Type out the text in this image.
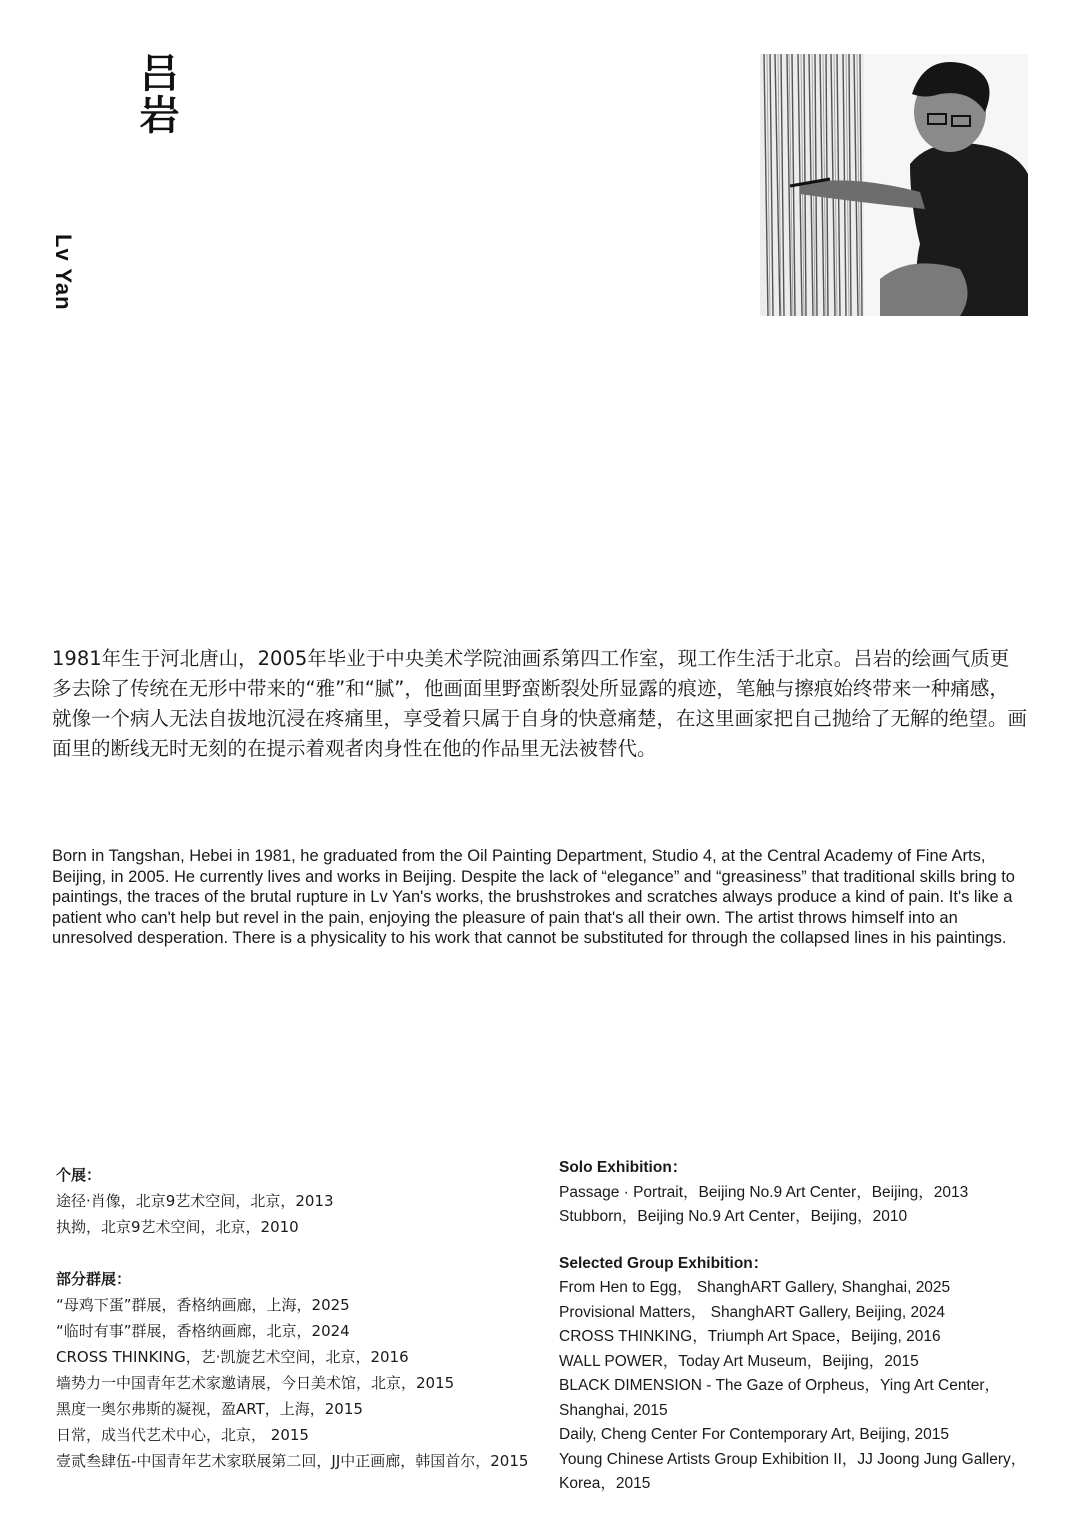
吕岩
Lv Yan

1981年生于河北唐山，2005年毕业于中央美术学院油画系第四工作室，现工作生活于北京。吕岩的绘画气质更多去除了传统在无形中带来的“雅”和“腻”，他画面里野蛮断裂处所显露的痕迹，笔触与擦痕始终带来一种痛感，就像一个病人无法自拔地沉浸在疼痛里，享受着只属于自身的快意痛楚，在这里画家把自己抛给了无解的绝望。画面里的断线无时无刻的在提示着观者肉身性在他的作品里无法被替代。

Born in Tangshan, Hebei in 1981, he graduated from the Oil Painting Department, Studio 4, at the Central Academy of Fine Arts, Beijing, in 2005. He currently lives and works in Beijing. Despite the lack of “elegance” and “greasiness” that traditional skills bring to paintings, the traces of the brutal rupture in Lv Yan's works, the brushstrokes and scratches always produce a kind of pain. It's like a patient who can't help but revel in the pain, enjoying the pleasure of pain that's all their own. The artist throws himself into an unresolved desperation. There is a physicality to his work that cannot be substituted for through the collapsed lines in his paintings.

个展：

途径·肖像，北京9艺术空间，北京，2013
执拗，北京9艺术空间，北京，2010

部分群展：

“母鸡下蛋”群展，香格纳画廊，上海，2025
“临时有事”群展，香格纳画廊，北京，2024
CROSS THINKING，艺·凯旋艺术空间，北京，2016
墙势力一中国青年艺术家邀请展，今日美术馆，北京，2015
黑度一奥尔弗斯的凝视，盈ART，上海，2015
日常，成当代艺术中心，北京， 2015
壹贰叁肆伍-中国青年艺术家联展第二回，JJ中正画廊，韩国首尔，2015

Solo Exhibition：

Passage · Portrait，Beijing No.9 Art Center，Beijing，2013
Stubborn，Beijing No.9 Art Center，Beijing，2010

Selected Group Exhibition：

From Hen to Egg， ShanghART Gallery, Shanghai, 2025
Provisional Matters， ShanghART Gallery, Beijing, 2024
CROSS THINKING，Triumph Art Space，Beijing, 2016
WALL POWER，Today Art Museum，Beijing，2015
BLACK DIMENSION - The Gaze of Orpheus，Ying Art Center， Shanghai, 2015
Daily, Cheng Center For Contemporary Art, Beijing, 2015
Young Chinese Artists Group Exhibition II，JJ Joong Jung Gallery，Korea，2015
